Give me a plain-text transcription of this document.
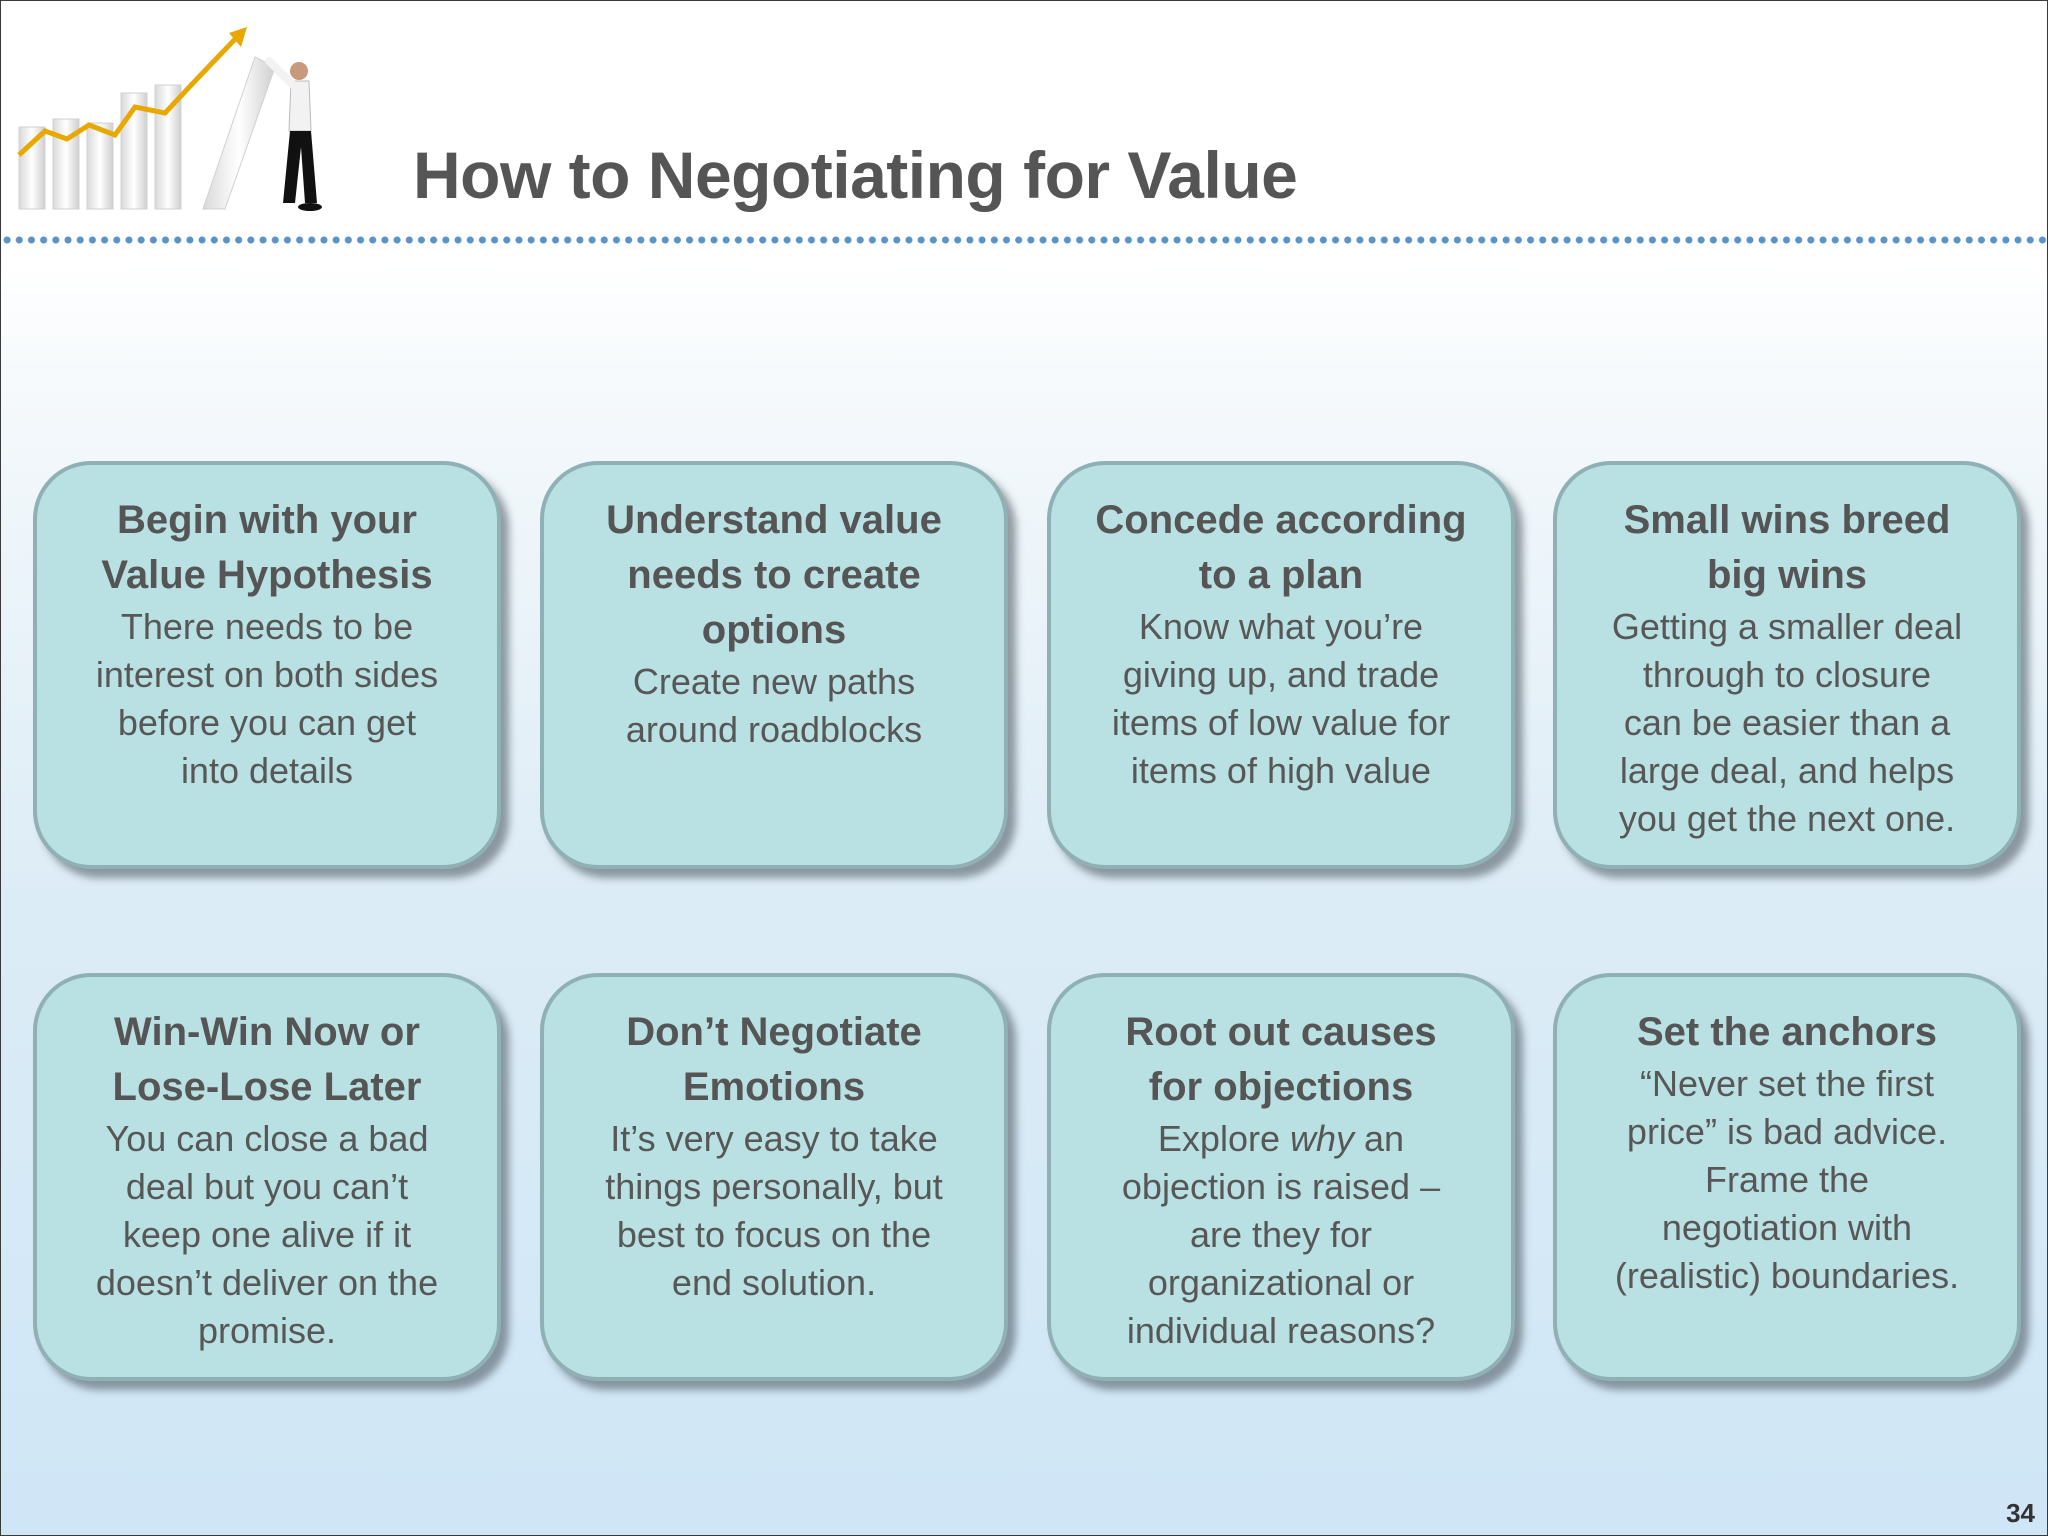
How to Negotiating for Value

Begin with your
Value Hypothesis

There needs to be
interest on both sides
before you can get
into details

Understand value
needs to create
options

Create new paths
around roadblocks

Concede according
to a plan

Know what you’re
giving up, and trade
items of low value for
items of high value

Small wins breed
big wins

Getting a smaller deal
through to closure
can be easier than a
large deal, and helps
you get the next one.

Win-Win Now or
Lose-Lose Later

You can close a bad
deal but you can’t
keep one alive if it
doesn’t deliver on the
promise.

Don’t Negotiate
Emotions

It’s very easy to take
things personally, but
best to focus on the
end solution.

Root out causes
for objections

Explore why an
objection is raised –
are they for
organizational or
individual reasons?

Set the anchors

“Never set the first
price” is bad advice.
Frame the
negotiation with
(realistic) boundaries.

34
